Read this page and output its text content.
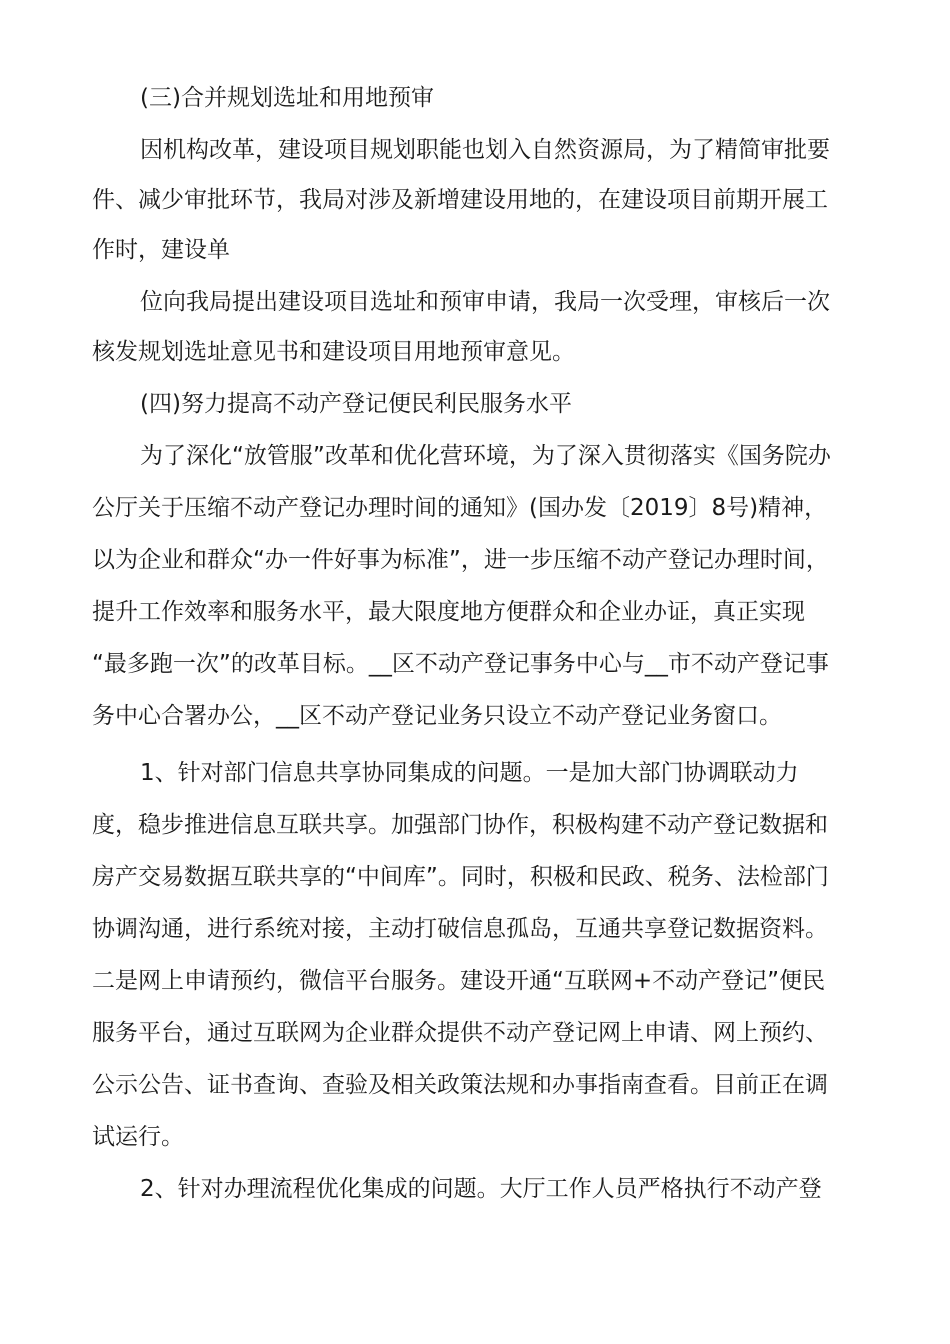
(三)合并规划选址和用地预审
因机构改革，建设项目规划职能也划入自然资源局，为了精简审批要
件、减少审批环节，我局对涉及新增建设用地的，在建设项目前期开展工
作时，建设单
位向我局提出建设项目选址和预审申请，我局一次受理，审核后一次
核发规划选址意见书和建设项目用地预审意见。
(四)努力提高不动产登记便民利民服务水平
为了深化“放管服”改革和优化营环境，为了深入贯彻落实《国务院办
公厅关于压缩不动产登记办理时间的通知》(国办发〔2019〕8号)精神，
以为企业和群众“办一件好事为标准”，进一步压缩不动产登记办理时间，
提升工作效率和服务水平，最大限度地方便群众和企业办证，真正实现
“最多跑一次”的改革目标。__区不动产登记事务中心与__市不动产登记事
务中心合署办公，__区不动产登记业务只设立不动产登记业务窗口。
1、针对部门信息共享协同集成的问题。一是加大部门协调联动力
度，稳步推进信息互联共享。加强部门协作，积极构建不动产登记数据和
房产交易数据互联共享的“中间库”。同时，积极和民政、税务、法检部门
协调沟通，进行系统对接，主动打破信息孤岛，互通共享登记数据资料。
二是网上申请预约，微信平台服务。建设开通“互联网+不动产登记”便民
服务平台，通过互联网为企业群众提供不动产登记网上申请、网上预约、
公示公告、证书查询、查验及相关政策法规和办事指南查看。目前正在调
试运行。
2、针对办理流程优化集成的问题。大厅工作人员严格执行不动产登
